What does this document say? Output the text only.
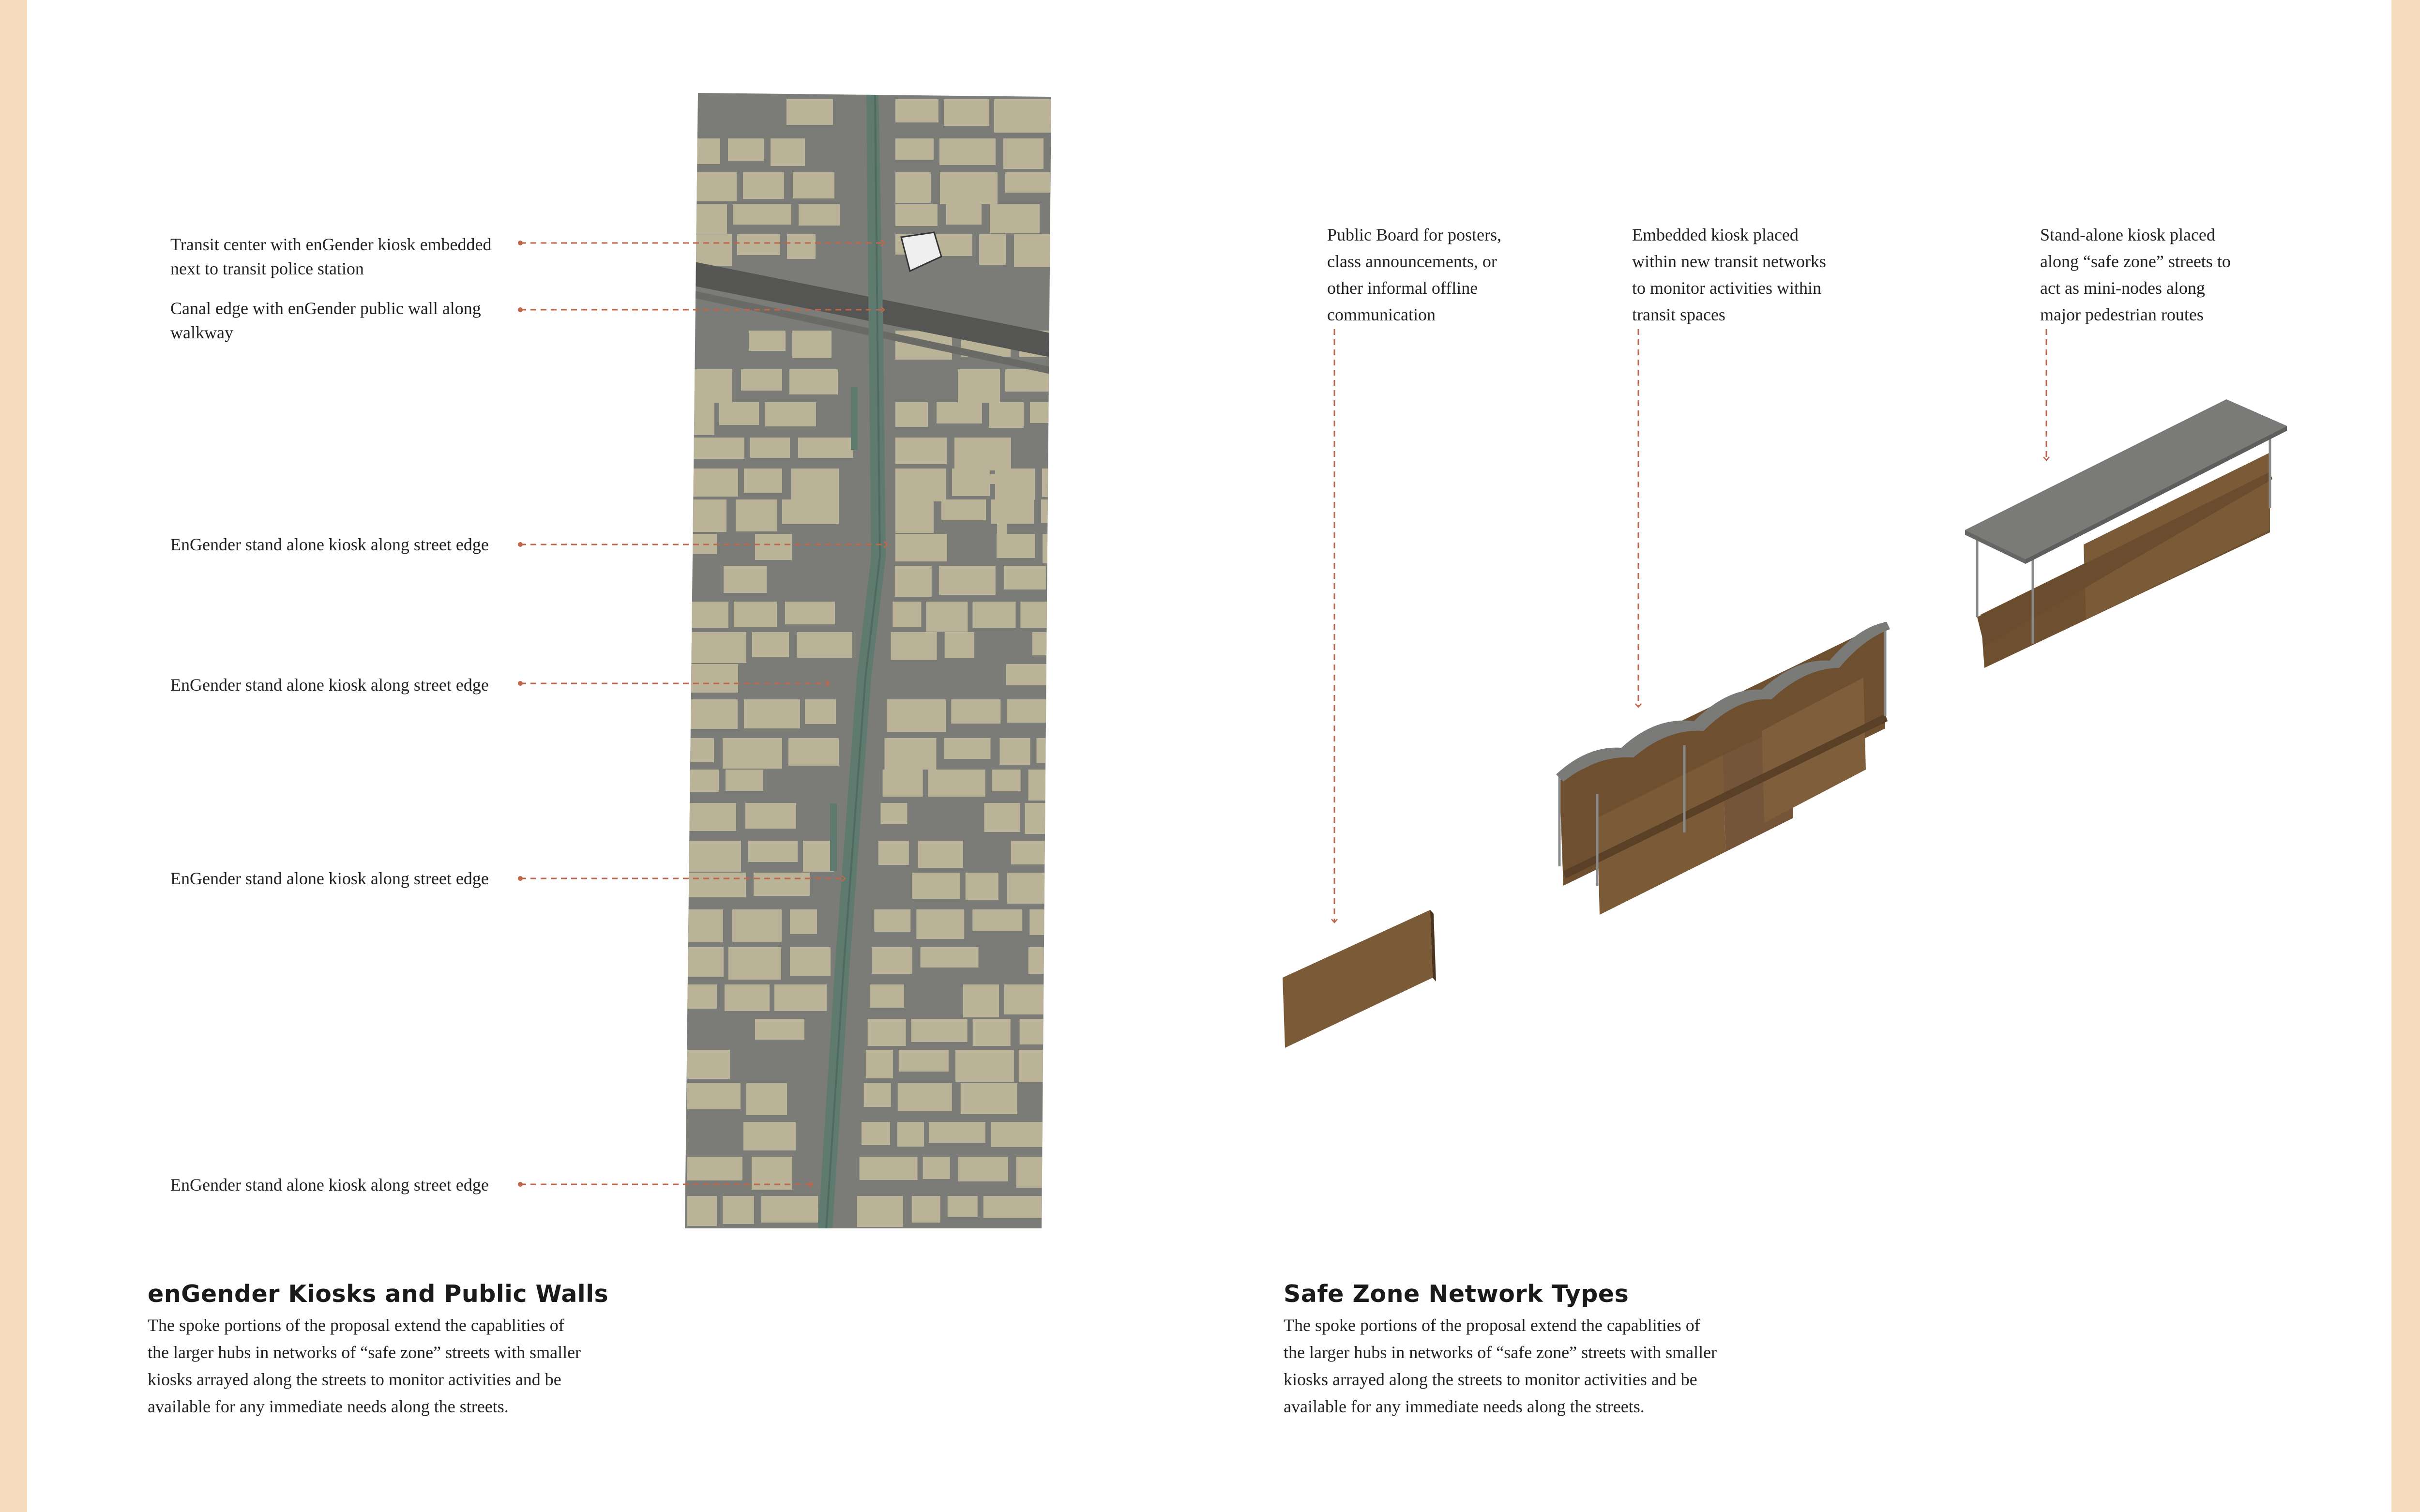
Transit center with enGender kiosk embedded
next to transit police station
Canal edge with enGender public wall along
walkway
EnGender stand alone kiosk along street edge
EnGender stand alone kiosk along street edge
EnGender stand alone kiosk along street edge
EnGender stand alone kiosk along street edge
Public Board for posters,
class announcements, or
other informal offline
communication
Embedded kiosk placed
within new transit networks
to monitor activities within
transit spaces
Stand-alone kiosk placed
along “safe zone” streets to
act as mini-nodes along
major pedestrian routes
enGender Kiosks and Public Walls
The spoke portions of the proposal extend the capablities of
the larger hubs in networks of “safe zone” streets with smaller
kiosks arrayed along the streets to monitor activities and be
available for any immediate needs along the streets.
Safe Zone Network Types
The spoke portions of the proposal extend the capablities of
the larger hubs in networks of “safe zone” streets with smaller
kiosks arrayed along the streets to monitor activities and be
available for any immediate needs along the streets.
